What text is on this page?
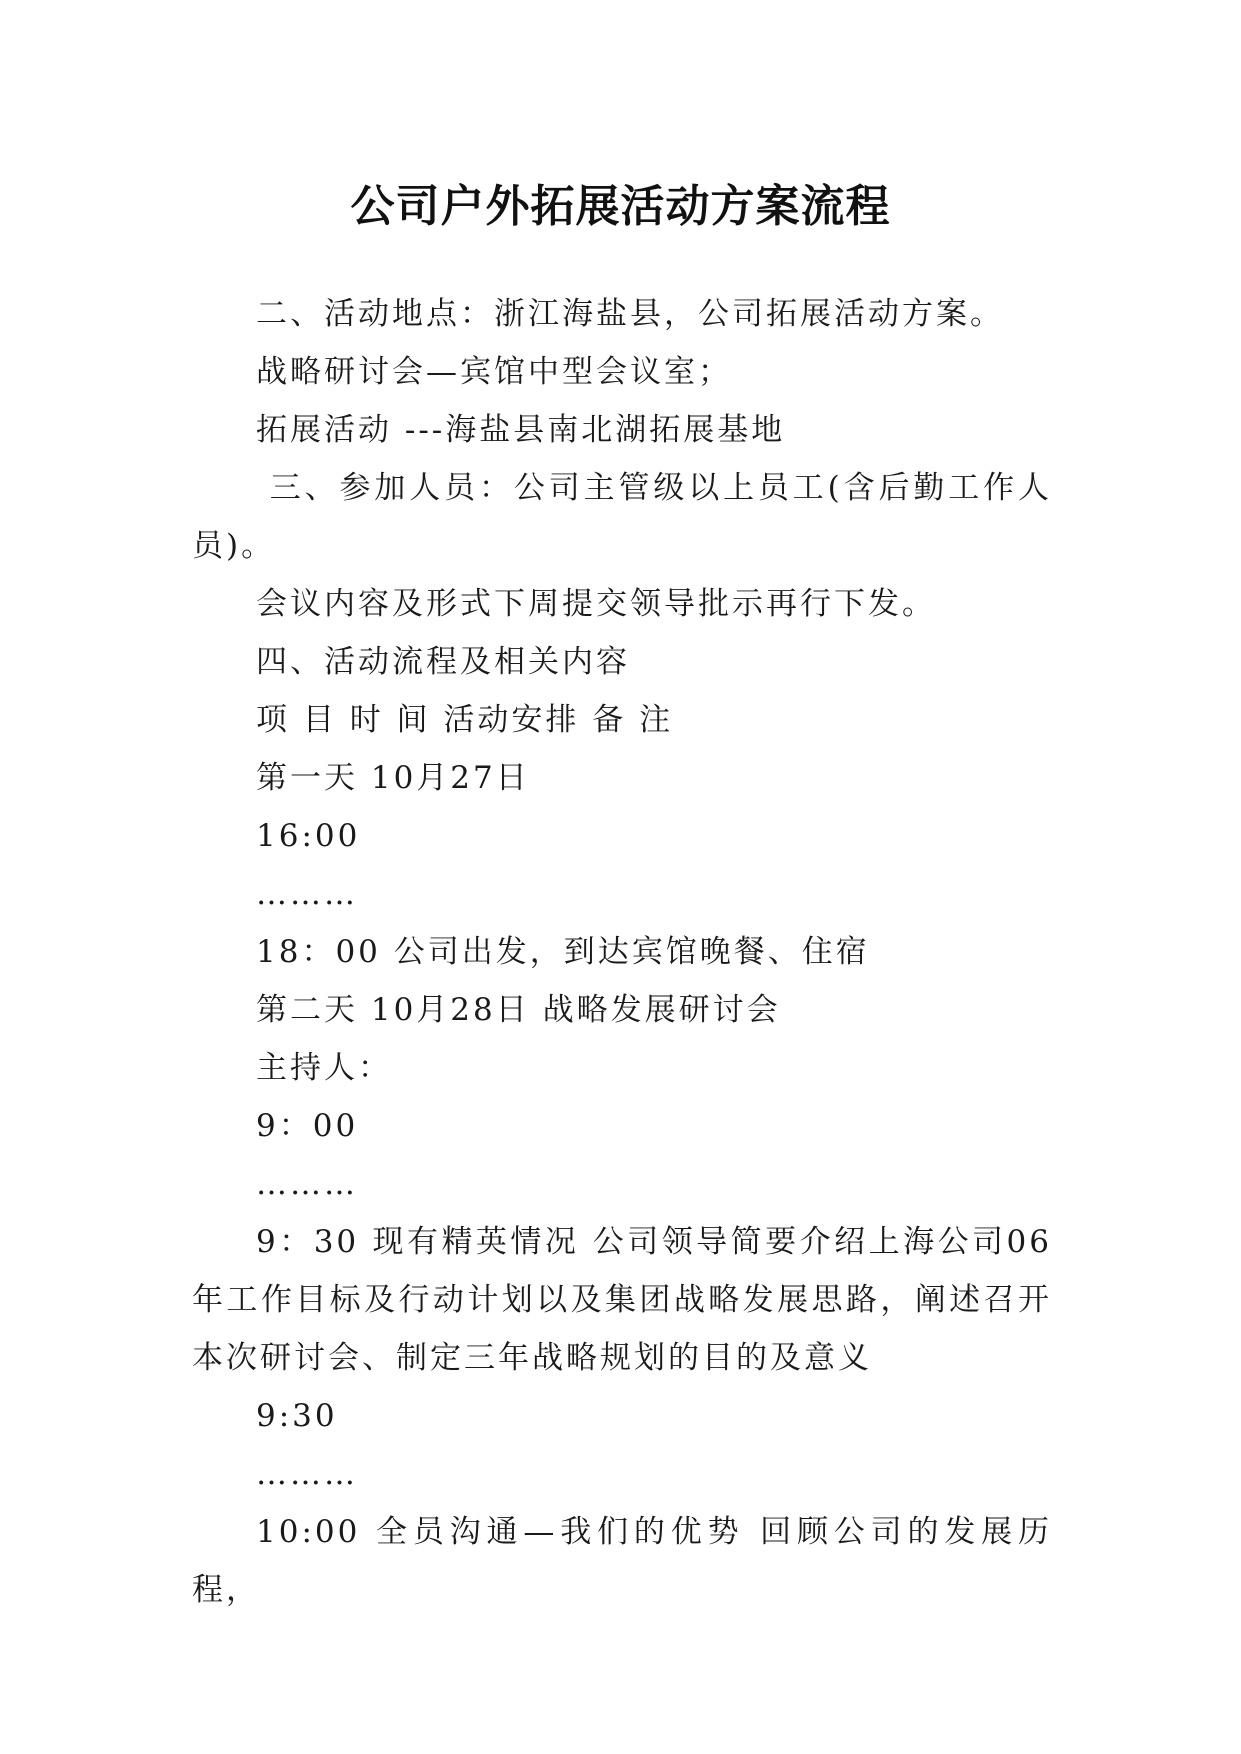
公司户外拓展活动方案流程

二、活动地点：浙江海盐县，公司拓展活动方案。

战略研讨会—宾馆中型会议室；

拓展活动 ---海盐县南北湖拓展基地

三、参加人员：公司主管级以上员工(含后勤工作人员)。

会议内容及形式下周提交领导批示再行下发。

四、活动流程及相关内容

项 目 时 间 活动安排 备 注

第一天 10月27日

16:00

………

18：00 公司出发，到达宾馆晚餐、住宿

第二天 10月28日 战略发展研讨会

主持人：

9：00

………

9：30 现有精英情况 公司领导简要介绍上海公司06年工作目标及行动计划以及集团战略发展思路，阐述召开本次研讨会、制定三年战略规划的目的及意义

9:30

………

10:00 全员沟通—我们的优势 回顾公司的发展历程，
